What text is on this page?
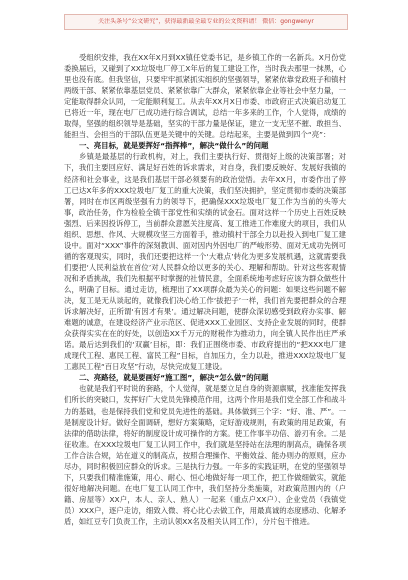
关注头条号“公文研究”，获得最新最全最专业的公文资料请！ 微信：gongwenyr

受组织安排，我在XX年X月到XX镇任党委书记，是乡镇工作的一名新兵。X月份党委换届后，又碰到了XX垃圾电厂停工X年后的复工建设工作，当时我去那里一抹黑，心里也没有底。但我坚信，只要牢牢抓紧抓实组织的坚强领导，紧紧依靠党政班子和镇村两级干部、紧紧依靠基层党员、紧紧依靠广大群众，紧紧依靠企业等社会中坚力量，一定能取得群众认同，一定能顺利复工。从去年XX月X日市委、市政府正式决策启动复工已将近一年，现在电厂已成功进行综合调试，总结一年多来的工作，个人觉得，成绩的取得，坚强的组织领导是基础，坚实的干部力量是保证，建立一支无坚不摧、敢担当、能担当、会担当的干部队伍更是关键中的关键。总结起来，主要是做到四个“亮”：

一、亮目标，就是要挥好“指挥棒”，解决“做什么”的问题

乡镇是最基层的行政机构，对上，我们主要执行好、贯彻好上级的决策部署；对下，我们主要回应好、满足好百姓的诉求需求，对自身，我们要反映好、发展好我镇的经济和社会事业，这是我们基层干部必须要有的政治觉悟。去年XX月，市委作出了停工已达X年多的XXX垃圾电厂复工的重大决策，我们坚决拥护，坚定贯彻市委的决策部署，同时在市区两级坚强有力的领导下，把确保XXX垃圾电厂复工作为当前的头等大事，政治任务，作为检验全镇干部党性和实绩的试金石。面对这样一个历史上百姓反映强烈、后来因投诉停工，当前群众意愿关注度高、复工推进工作难度大的项目，我们从组织、思想、作风、大规模攻坚三方面着手，推动镇村干部全力以赴投入到电厂复工建设中。面对“XXX”事件的深刻教训、面对因内外因电厂的严峻形势、面对无成功先例可循的客观现实，同时，我们还要把这样一个‘大难点’转化为更多发展机遇，这就需要我们要把‘人民利益放在首位’对人民群众给以更多的关心、理解和帮助。针对这些客观情况和矛盾挑战，我们先根据平时掌握的社情民意，全面系统地考虑好应该为群众做些什么，明确了目标。通过走访，梳理出了XX项群众最为关心的问题：如果这些问题不解决，复工是无从谈起的，就像我们决心给工作‘拔把子’一样，我们首先要把群众的合理诉求解决好，正所谓‘有因才有果’。通过解决问题，使群众深切感受到政府办实事、解难题的诚意，在建设经济产业示范区、促进XXX工业园区、支持企业发展的同时，使群众获得实实在在的好处，以创造XX千万元的财税作为推动力，向全镇人民作出庄严承诺。最后达到我们的‘双赢’目标，即：我们正围绕市委、市政府提出的“把XXX电厂建成现代工程、惠民工程、富民工程”目标，自加压力，全力以赴，推进XXX垃圾电厂复工惠民工程“百日攻坚”行动，尽快完成复工建设。

二、亮路径，就是要画好“施工图”，解决“怎么做”的问题

也就是我们平时说的套路，个人觉得，就是要立足自身的资源禀赋，找准能发挥我们所长的突破口，发挥好广大党员先锋模范作用，这两个作用是我们党全部工作和战斗力的基础，也是保持我们党和党员先进性的基础。具体做到三个字：“好、准、严”。一是制度设计好。做好全面调研，想好方案策略，定好游戏规则，有政策的用足政策，有法律的借助法律，将好的制度设计成可操作的方案。使工作事半功倍、游刃有余。二是征收准。在XXX垃圾电厂复工认同工作中，我们就是坚持站在法理的制高点，确保各项工作合法合规，站在道义的制高点，按照合理操作、平衡效益、能办则办的原则，应办尽办，同时积极回应群众的诉求。三是执行力强。一年多的实践证明，在党的坚强领导下，只要我们精准施策，用心、耐心、恒心地做好每一项工作，把工作做细做实，就能很好地解决问题。在电厂复工认同工作中，我们坚持分类施策，对政策范围内的（户籍、房屋等）XX户，本人、亲人、熟人）一起来（重点户XX户）、企业党员（我镇党员）XXX户，逐户走访，细致入微、将心比心去做工作，用最真诚的态度感动、化解矛盾，如红豆专门负责工作，主动认领XX名及相关认同工作），分片包干推进。
